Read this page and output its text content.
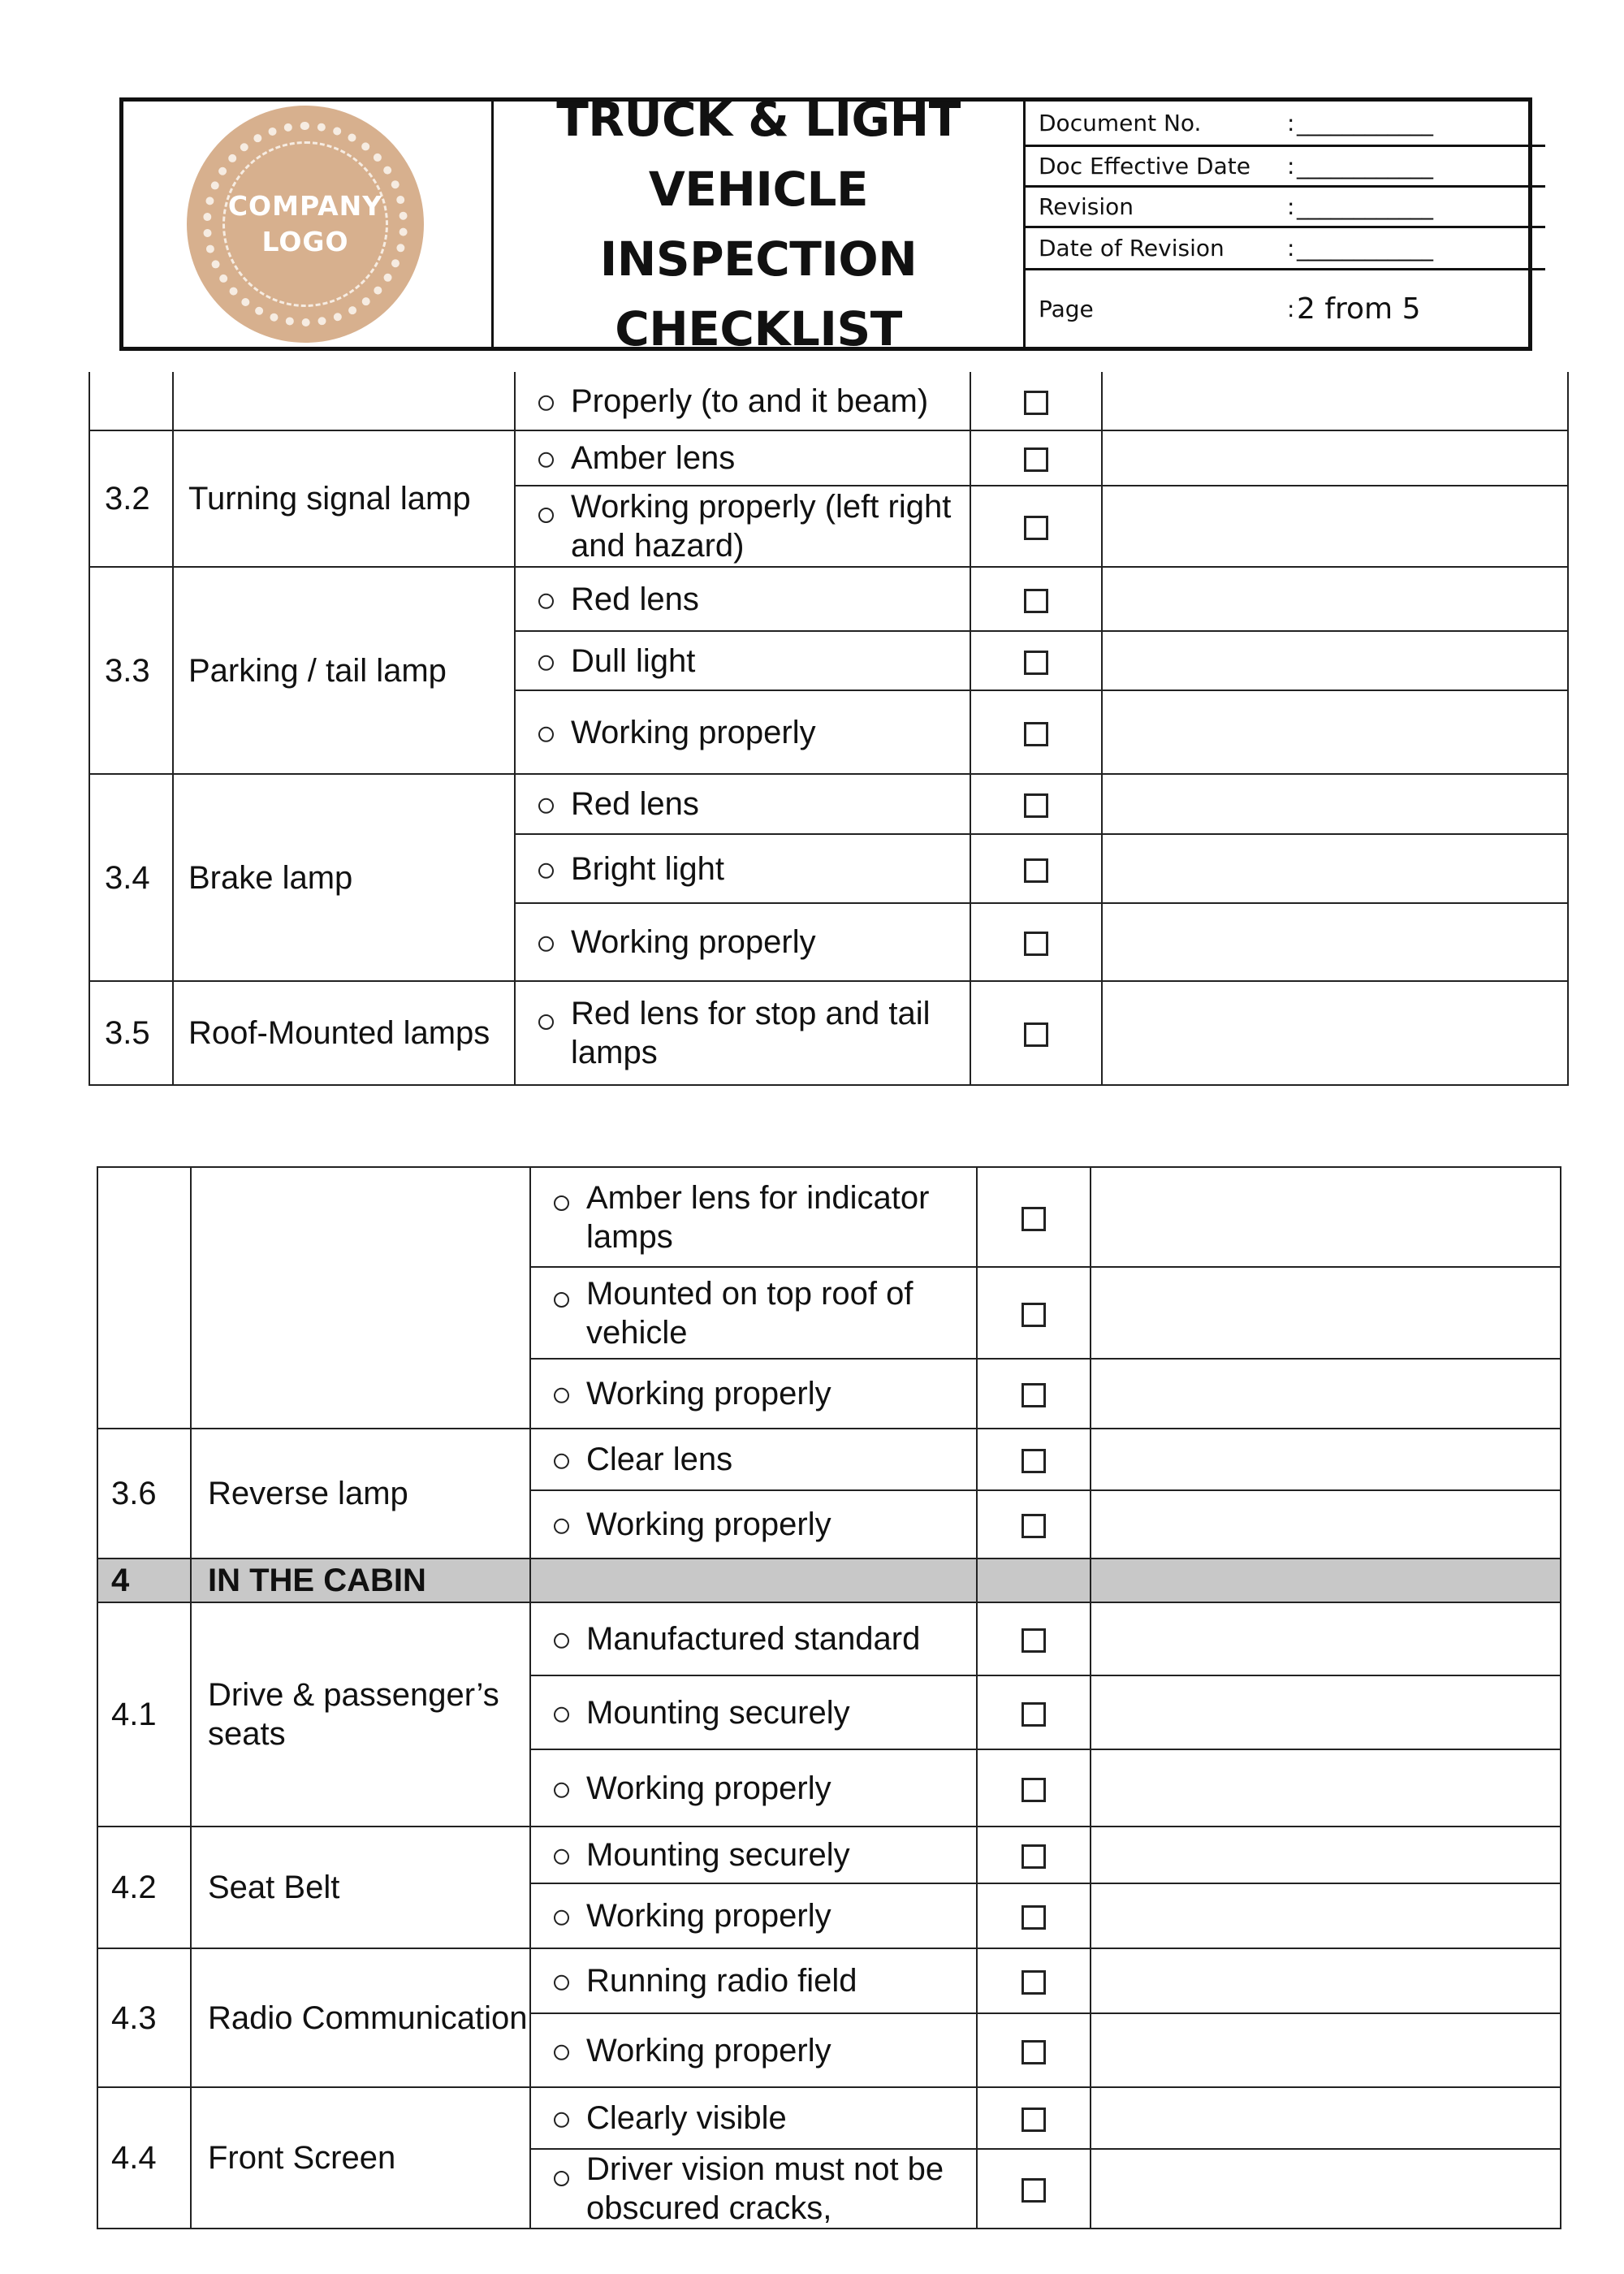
COMPANY
LOGO
TRUCK & LIGHT
VEHICLE INSPECTION
CHECKLIST
Document No.	: ____________
Doc Effective Date	: ____________
Revision	: ____________
Date of Revision	: ____________
Page	: 2 from 5

		Properly (to and it beam)		

3.2	Turning signal lamp	Amber lens		

		Working properly (left right and hazard)		

3.3	Parking / tail lamp	Red lens		

		Dull light		

		Working properly		

3.4	Brake lamp	Red lens		

		Bright light		

		Working properly		

3.5	Roof-Mounted lamps	Red lens for stop and tail lamps		

		Amber lens for indicator lamps		

		Mounted on top roof of vehicle		

		Working properly		

3.6	Reverse lamp	Clear lens		

		Working properly		

4	IN THE CABIN			
4.1	Drive & passenger’s seats	Manufactured standard		

		Mounting securely		

		Working properly		

4.2	Seat Belt	Mounting securely		

		Working properly		

4.3	Radio Communication	Running radio field		

		Working properly		

4.4	Front Screen	Clearly visible		

		Driver vision must not be obscured cracks,		
